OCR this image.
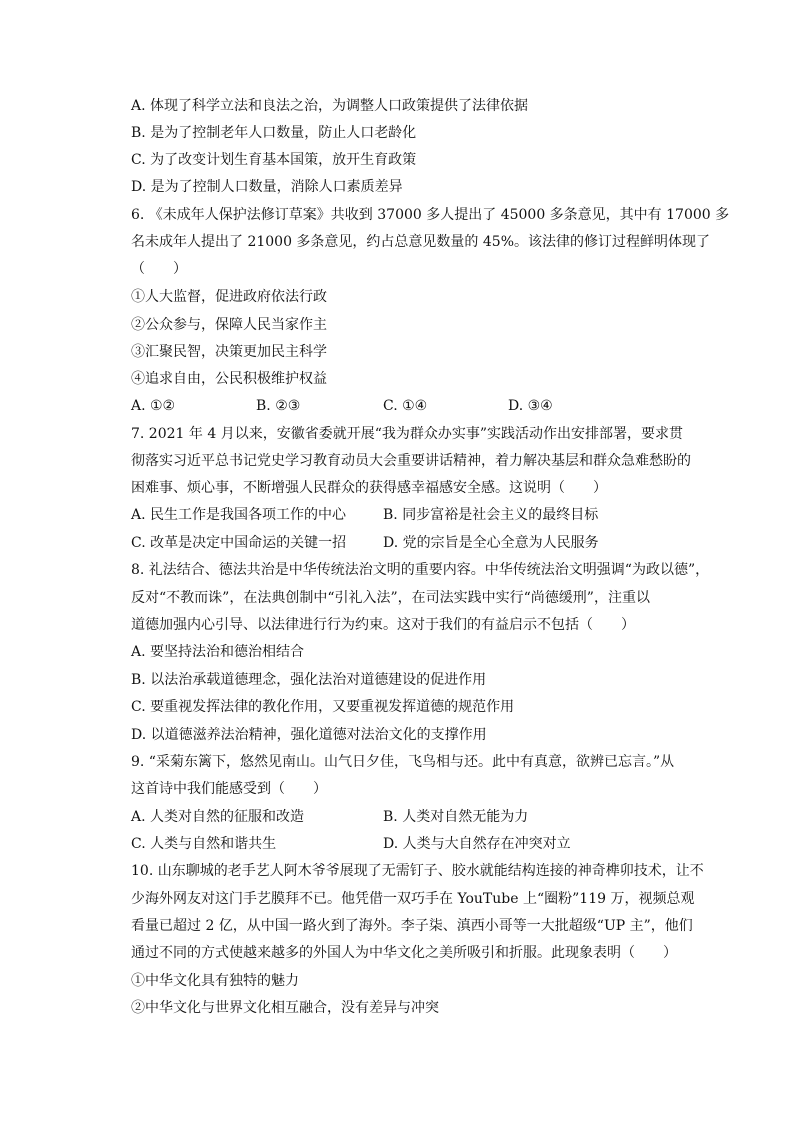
A. 体现了科学立法和良法之治，为调整人口政策提供了法律依据
B. 是为了控制老年人口数量，防止人口老龄化
C. 为了改变计划生育基本国策，放开生育政策
D. 是为了控制人口数量，消除人口素质差异
6. 《未成年人保护法修订草案》共收到 37000 多人提出了 45000 多条意见，其中有 17000 多
名未成年人提出了 21000 多条意见，约占总意见数量的 45%。该法律的修订过程鲜明体现了
（　　）
①人大监督，促进政府依法行政
②公众参与，保障人民当家作主
③汇聚民智，决策更加民主科学
④追求自由，公民积极维护权益
A. ①②	B. ②③	C. ①④	D. ③④
7. 2021 年 4 月以来，安徽省委就开展“我为群众办实事”实践活动作出安排部署，要求贯
彻落实习近平总书记党史学习教育动员大会重要讲话精神，着力解决基层和群众急难愁盼的
困难事、烦心事，不断增强人民群众的获得感幸福感安全感。这说明（　　）
A. 民生工作是我国各项工作的中心	B. 同步富裕是社会主义的最终目标
C. 改革是决定中国命运的关键一招	D. 党的宗旨是全心全意为人民服务
8. 礼法结合、德法共治是中华传统法治文明的重要内容。中华传统法治文明强调“为政以德”，
反对“不教而诛”，在法典创制中“引礼入法”，在司法实践中实行“尚德缓刑”，注重以
道德加强内心引导、以法律进行行为约束。这对于我们的有益启示不包括（　　）
A. 要坚持法治和德治相结合
B. 以法治承载道德理念，强化法治对道德建设的促进作用
C. 要重视发挥法律的教化作用，又要重视发挥道德的规范作用
D. 以道德滋养法治精神，强化道德对法治文化的支撑作用
9. “采菊东篱下，悠然见南山。山气日夕佳，飞鸟相与还。此中有真意，欲辨已忘言。”从
这首诗中我们能感受到（　　）
A. 人类对自然的征服和改造	B. 人类对自然无能为力
C. 人类与自然和谐共生	D. 人类与大自然存在冲突对立
10. 山东聊城的老手艺人阿木爷爷展现了无需钉子、胶水就能结构连接的神奇榫卯技术，让不
少海外网友对这门手艺膜拜不已。他凭借一双巧手在 YouTube 上“圈粉”119 万，视频总观
看量已超过 2 亿，从中国一路火到了海外。李子柒、滇西小哥等一大批超级“UP 主”，他们
通过不同的方式使越来越多的外国人为中华文化之美所吸引和折服。此现象表明（　　）
①中华文化具有独特的魅力
②中华文化与世界文化相互融合，没有差异与冲突
